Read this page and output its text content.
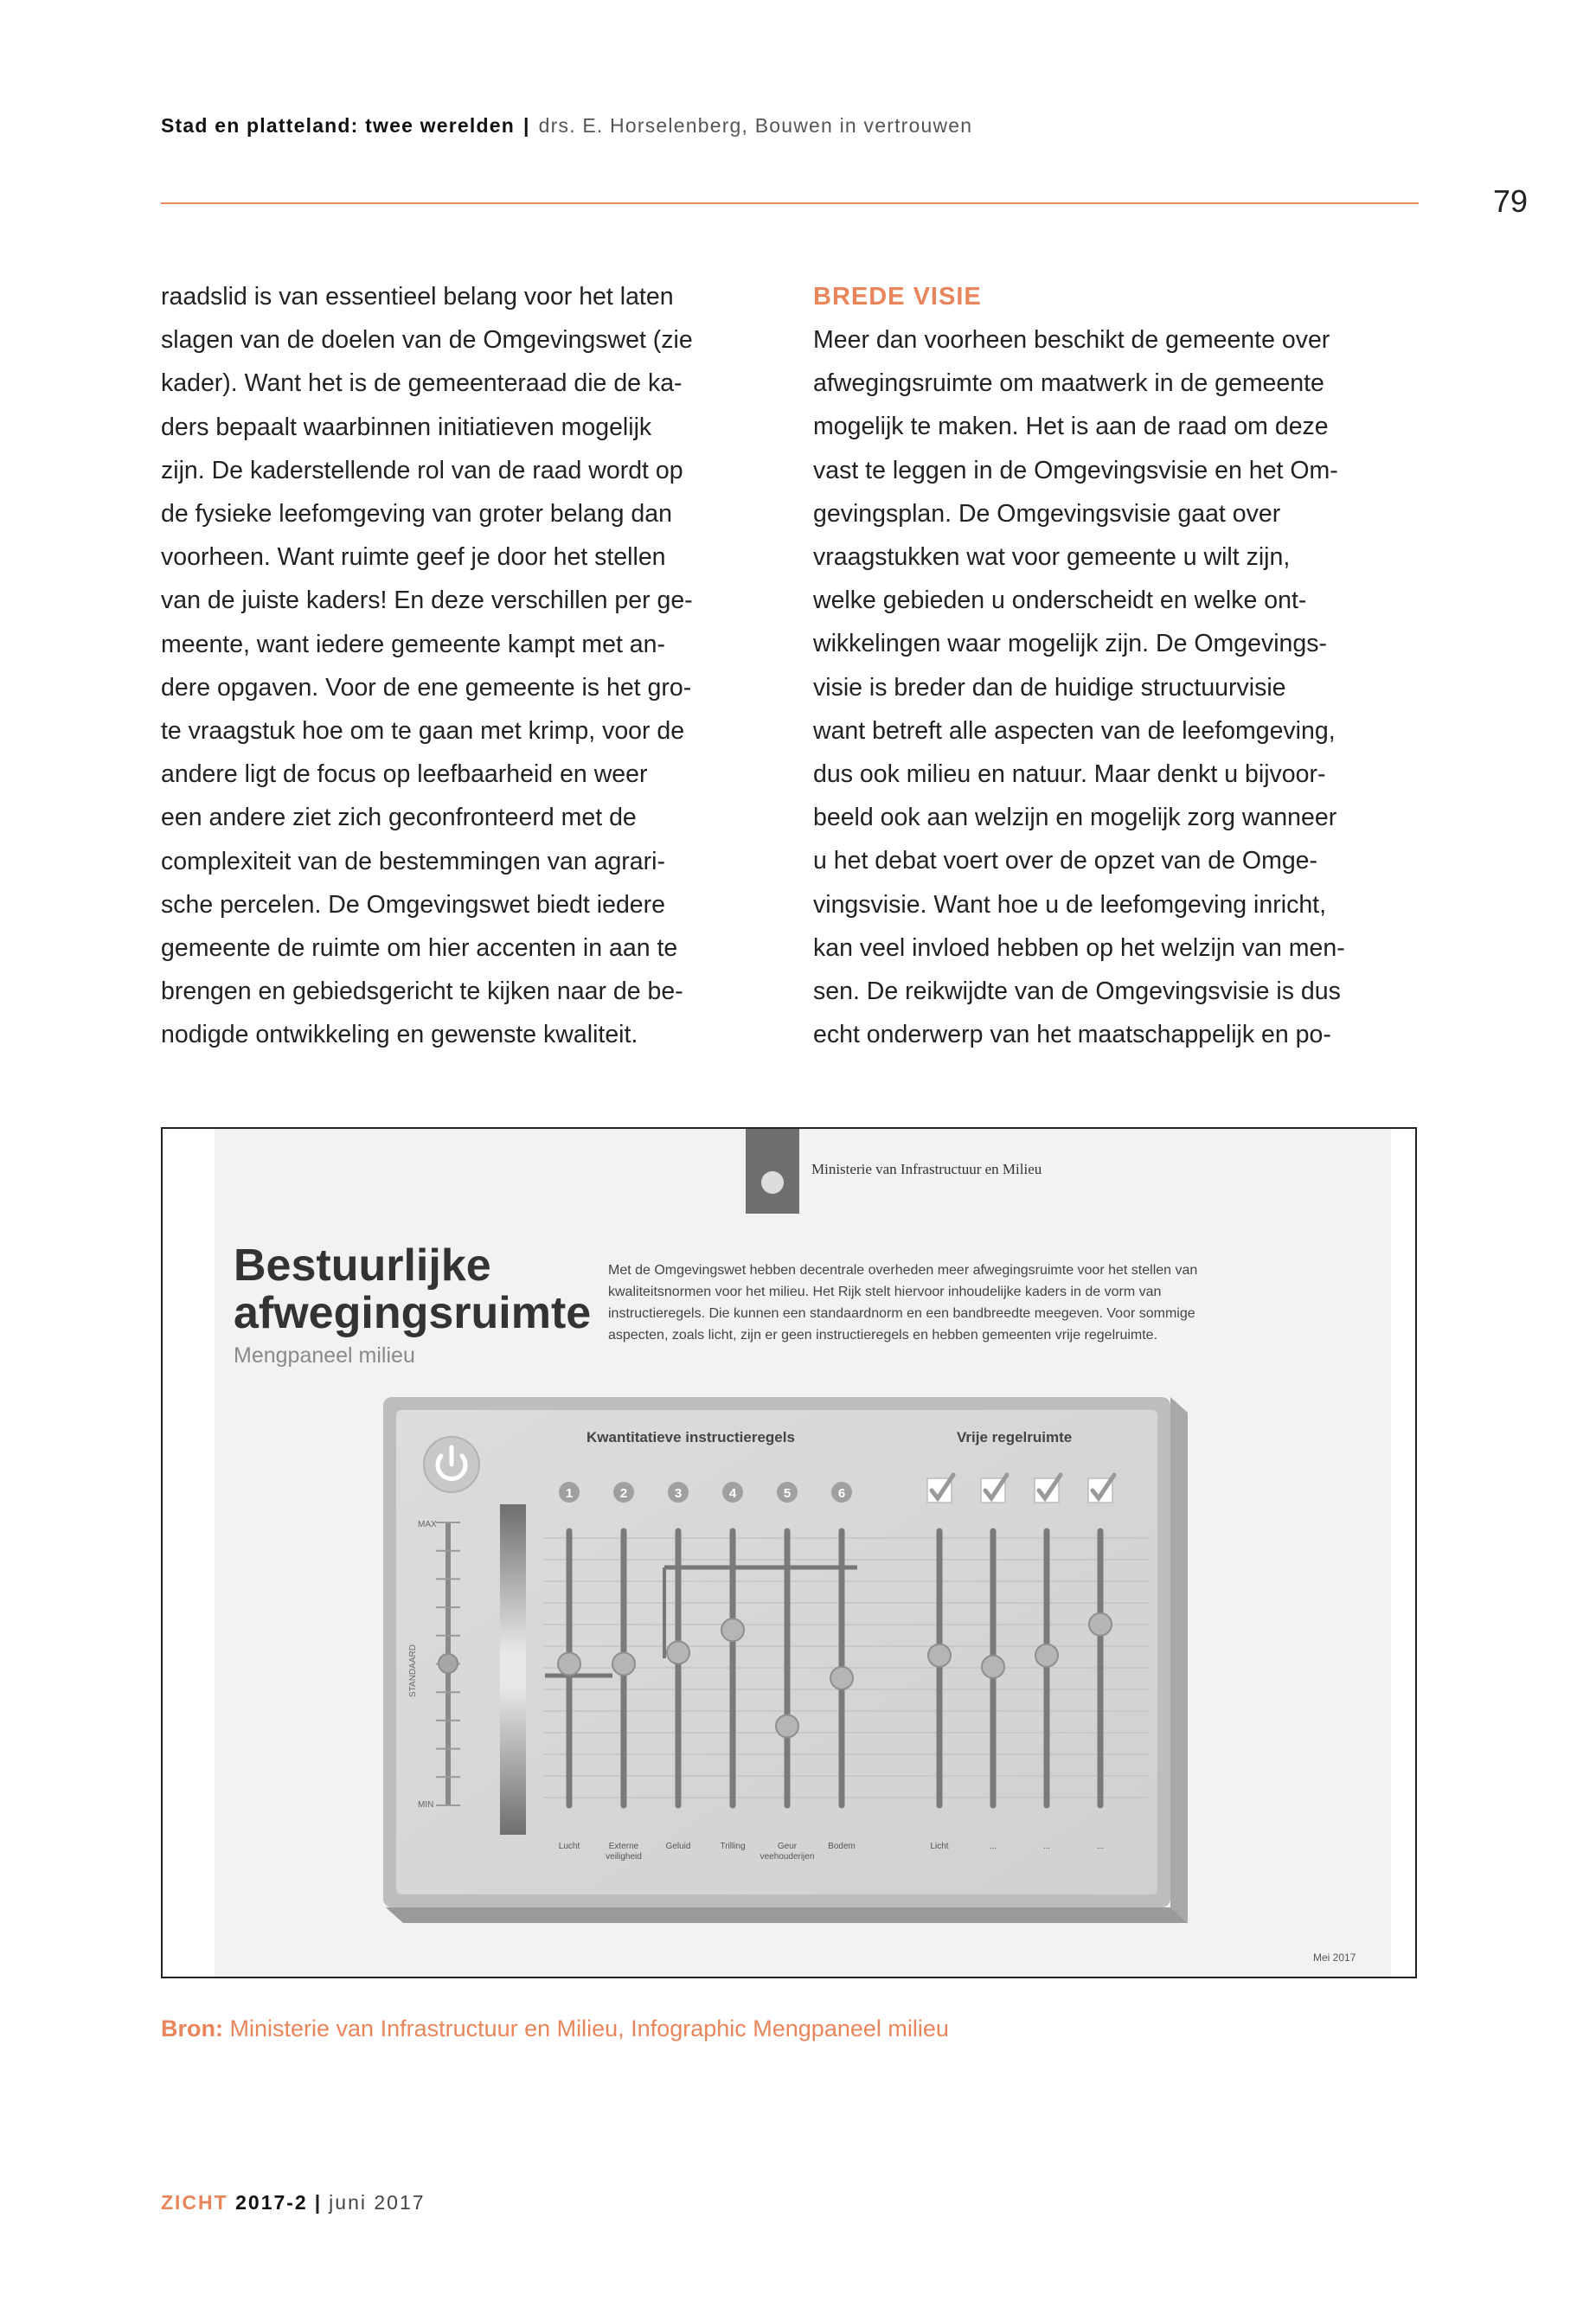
Stad en platteland: twee werelden | drs. E. Horselenberg, Bouwen in vertrouwen
79
raadslid is van essentieel belang voor het laten
slagen van de doelen van de Omgevingswet (zie
kader). Want het is de gemeenteraad die de ka-
ders bepaalt waarbinnen initiatieven mogelijk
zijn. De kaderstellende rol van de raad wordt op
de fysieke leefomgeving van groter belang dan
voorheen. Want ruimte geef je door het stellen
van de juiste kaders! En deze verschillen per ge-
meente, want iedere gemeente kampt met an-
dere opgaven. Voor de ene gemeente is het gro-
te vraagstuk hoe om te gaan met krimp, voor de
andere ligt de focus op leefbaarheid en weer
een andere ziet zich geconfronteerd met de
complexiteit van de bestemmingen van agrari-
sche percelen. De Omgevingswet biedt iedere
gemeente de ruimte om hier accenten in aan te
brengen en gebiedsgericht te kijken naar de be-
nodigde ontwikkeling en gewenste kwaliteit.
BREDE VISIE
Meer dan voorheen beschikt de gemeente over
afwegingsruimte om maatwerk in de gemeente
mogelijk te maken. Het is aan de raad om deze
vast te leggen in de Omgevingsvisie en het Om-
gevingsplan. De Omgevingsvisie gaat over
vraagstukken wat voor gemeente u wilt zijn,
welke gebieden u onderscheidt en welke ont-
wikkelingen waar mogelijk zijn. De Omgevings-
visie is breder dan de huidige structuurvisie
want betreft alle aspecten van de leefomgeving,
dus ook milieu en natuur. Maar denkt u bijvoor-
beeld ook aan welzijn en mogelijk zorg wanneer
u het debat voert over de opzet van de Omge-
vingsvisie. Want hoe u de leefomgeving inricht,
kan veel invloed hebben op het welzijn van men-
sen. De reikwijdte van de Omgevingsvisie is dus
echt onderwerp van het maatschappelijk en po-
Ministerie van Infrastructuur en Milieu
Bestuurlijke
afwegingsruimte
Mengpaneel milieu
Met de Omgevingswet hebben decentrale overheden meer afwegingsruimte voor het stellen van
kwaliteitsnormen voor het milieu. Het Rijk stelt hiervoor inhoudelijke kaders in de vorm van
instructieregels. Die kunnen een standaardnorm en een bandbreedte meegeven. Voor sommige
aspecten, zoals licht, zijn er geen instructieregels en hebben gemeenten vrije regelruimte.
MAX
STANDAARD
MIN
Kwantitatieve instructieregels	Vrije regelruimte
1
Lucht
2
Externe
veiligheid
3
Geluid
4
Trilling
5
Geur
veehouderijen
6
Bodem	Licht	...	...	...
Mei 2017
Bron: Ministerie van Infrastructuur en Milieu, Infographic Mengpaneel milieu
ZICHT 2017-2 | juni 2017
